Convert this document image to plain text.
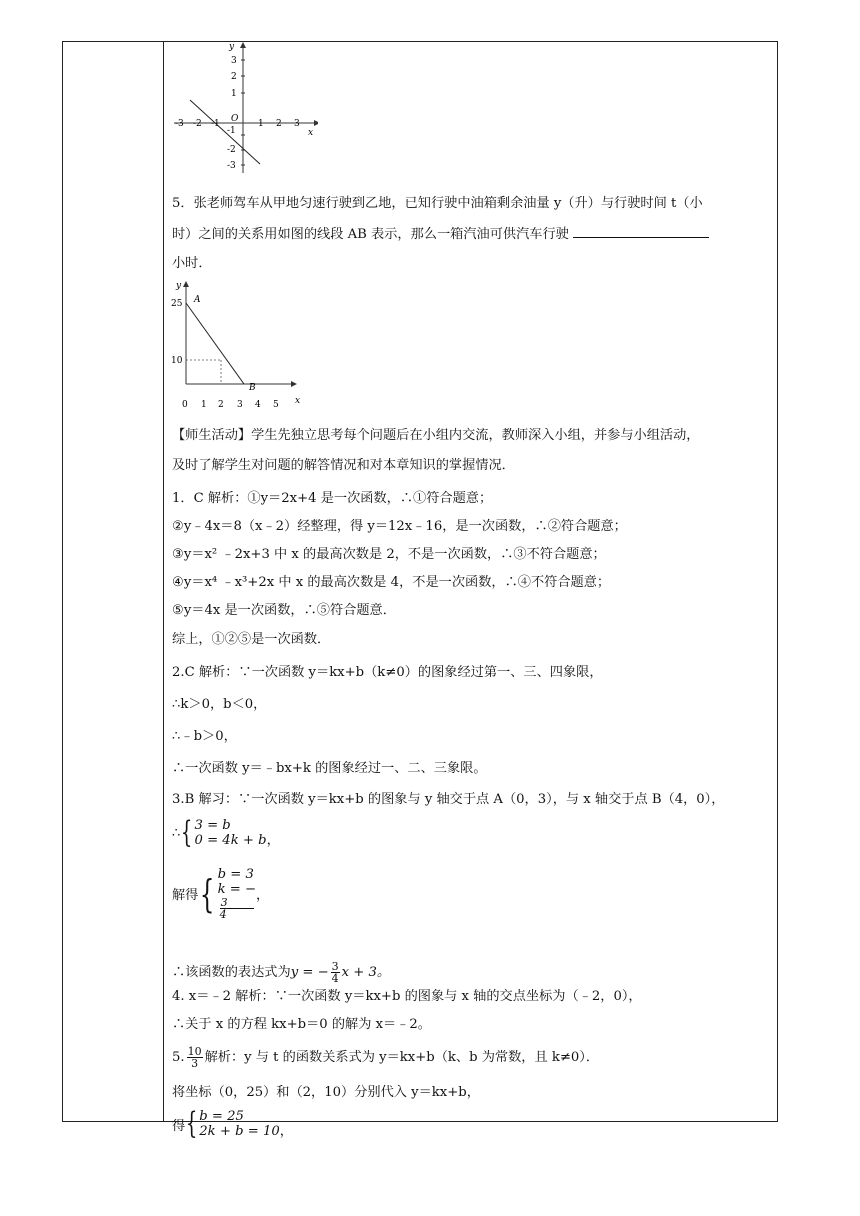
y
x
O
3
2
1
-1
-2
-3
-3 -2 -1	1 2 3
y
x
A
B
25
10
0 1 2 3 4 5
5．张老师驾车从甲地匀速行驶到乙地，已知行驶中油箱剩余油量 y（升）与行驶时间 t（小
时）之间的关系用如图的线段 AB 表示，那么一箱汽油可供汽车行驶
小时．
【师生活动】学生先独立思考每个问题后在小组内交流，教师深入小组，并参与小组活动，
及时了解学生对问题的解答情况和对本章知识的掌握情况．
1．C 解析：①y＝2x+4 是一次函数，∴①符合题意；
②y﹣4x＝8（x﹣2）经整理，得 y＝12x﹣16，是一次函数，∴②符合题意；
③y＝x² ﹣2x+3 中 x 的最高次数是 2，不是一次函数，∴③不符合题意；
④y＝x⁴ ﹣x³+2x 中 x 的最高次数是 4，不是一次函数，∴④不符合题意；
⑤y＝4x 是一次函数，∴⑤符合题意．
综上，①②⑤是一次函数．
2.C 解析：∵一次函数 y＝kx+b（k≠0）的图象经过第一、三、四象限，
∴k＞0，b＜0，
∴﹣b＞0，
∴一次函数 y＝﹣bx+k 的图象经过一、二、三象限。
3.B 解习：∵一次函数 y＝kx+b 的图象与 y 轴交于点 A（0，3），与 x 轴交于点 B（4，0），
∴ { 3 = b
0 = 4k + b ，
解得 { b = 3
k = −
3
4
，
∴该函数的表达式为y = − $\frac{3}{4}$ x + 3。
4. x＝﹣2 解析：∵一次函数 y＝kx+b 的图象与 x 轴的交点坐标为（﹣2，0），
∴关于 x 的方程 kx+b＝0 的解为 x＝﹣2。
5. $\frac{10}{3}$ 解析：y 与 t 的函数关系式为 y＝kx+b（k、b 为常数，且 k≠0）．
将坐标（0，25）和（2，10）分别代入 y＝kx+b，
得 { b = 25
2k + b = 10 ，
